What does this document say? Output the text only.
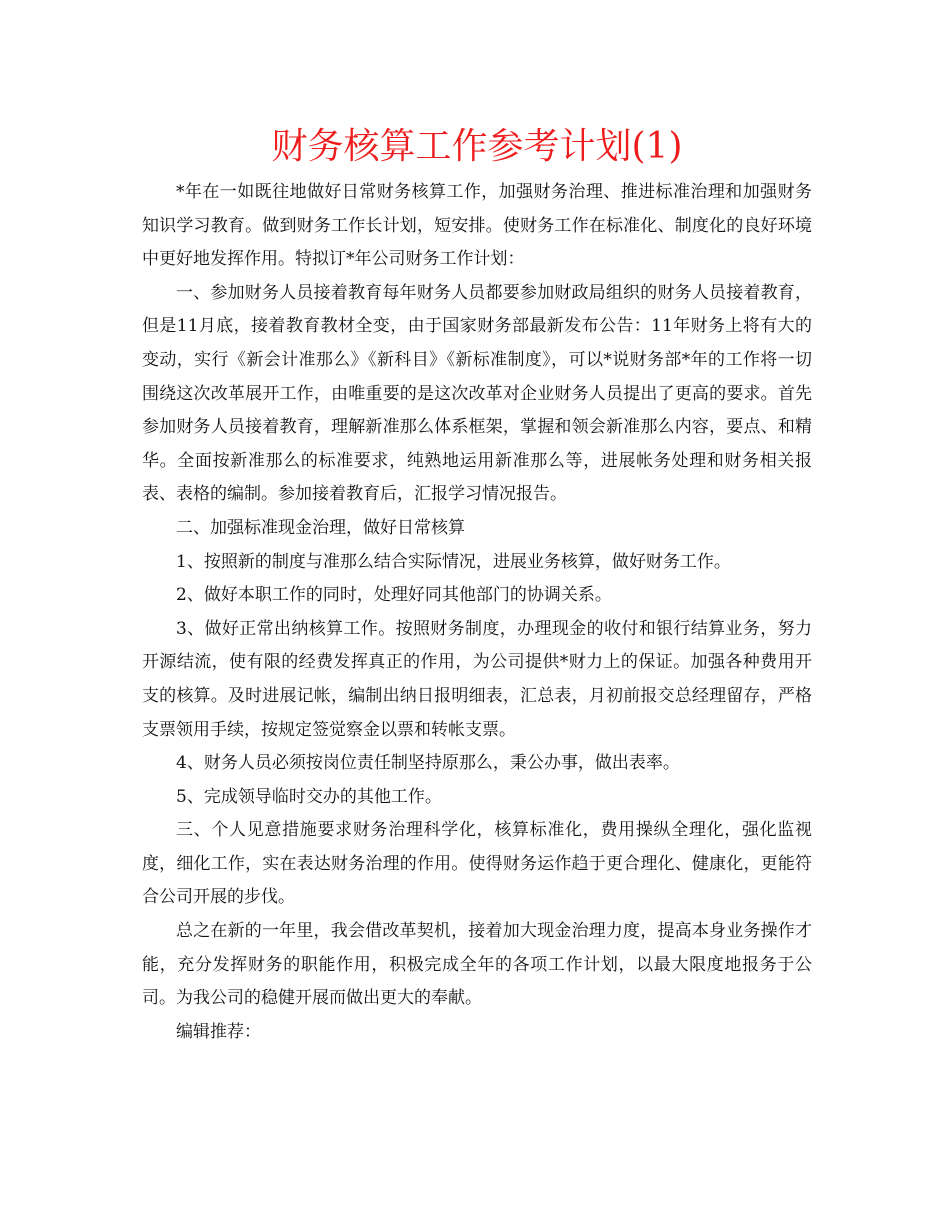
财务核算工作参考计划(1)

*年在一如既往地做好日常财务核算工作，加强财务治理、推进标准治理和加强财务知识学习教育。做到财务工作长计划，短安排。使财务工作在标准化、制度化的良好环境中更好地发挥作用。特拟订*年公司财务工作计划：

一、参加财务人员接着教育每年财务人员都要参加财政局组织的财务人员接着教育，但是11月底，接着教育教材全变，由于国家财务部最新发布公告：11年财务上将有大的变动，实行《新会计准那么》《新科目》《新标准制度》，可以*说财务部*年的工作将一切围绕这次改革展开工作，由唯重要的是这次改革对企业财务人员提出了更高的要求。首先参加财务人员接着教育，理解新准那么体系框架，掌握和领会新准那么内容，要点、和精华。全面按新准那么的标准要求，纯熟地运用新准那么等，进展帐务处理和财务相关报表、表格的编制。参加接着教育后，汇报学习情况报告。

二、加强标准现金治理，做好日常核算

1、按照新的制度与准那么结合实际情况，进展业务核算，做好财务工作。

2、做好本职工作的同时，处理好同其他部门的协调关系。

3、做好正常出纳核算工作。按照财务制度，办理现金的收付和银行结算业务，努力开源结流，使有限的经费发挥真正的作用，为公司提供*财力上的保证。加强各种费用开支的核算。及时进展记帐，编制出纳日报明细表，汇总表，月初前报交总经理留存，严格支票领用手续，按规定签觉察金以票和转帐支票。

4、财务人员必须按岗位责任制坚持原那么，秉公办事，做出表率。

5、完成领导临时交办的其他工作。

三、个人见意措施要求财务治理科学化，核算标准化，费用操纵全理化，强化监视度，细化工作，实在表达财务治理的作用。使得财务运作趋于更合理化、健康化，更能符合公司开展的步伐。

总之在新的一年里，我会借改革契机，接着加大现金治理力度，提高本身业务操作才能，充分发挥财务的职能作用，积极完成全年的各项工作计划，以最大限度地报务于公司。为我公司的稳健开展而做出更大的奉献。

编辑推荐：
